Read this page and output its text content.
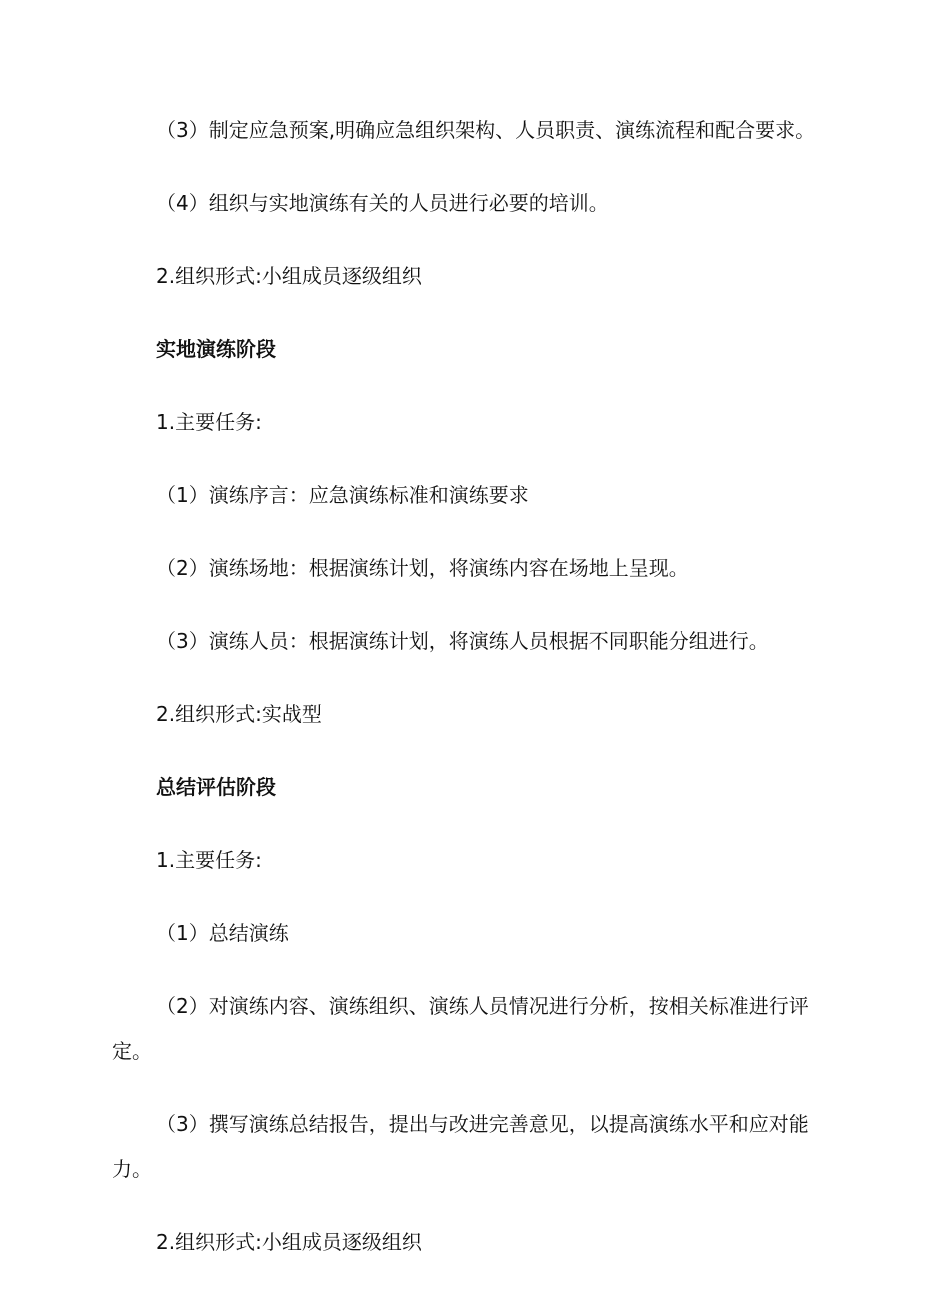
（3）制定应急预案,明确应急组织架构、人员职责、演练流程和配合要求。

（4）组织与实地演练有关的人员进行必要的培训。

2.组织形式:小组成员逐级组织

实地演练阶段

1.主要任务:

（1）演练序言：应急演练标准和演练要求

（2）演练场地：根据演练计划，将演练内容在场地上呈现。

（3）演练人员：根据演练计划，将演练人员根据不同职能分组进行。

2.组织形式:实战型

总结评估阶段

1.主要任务:

（1）总结演练

（2）对演练内容、演练组织、演练人员情况进行分析，按相关标准进行评定。

（3）撰写演练总结报告，提出与改进完善意见，以提高演练水平和应对能力。

2.组织形式:小组成员逐级组织
